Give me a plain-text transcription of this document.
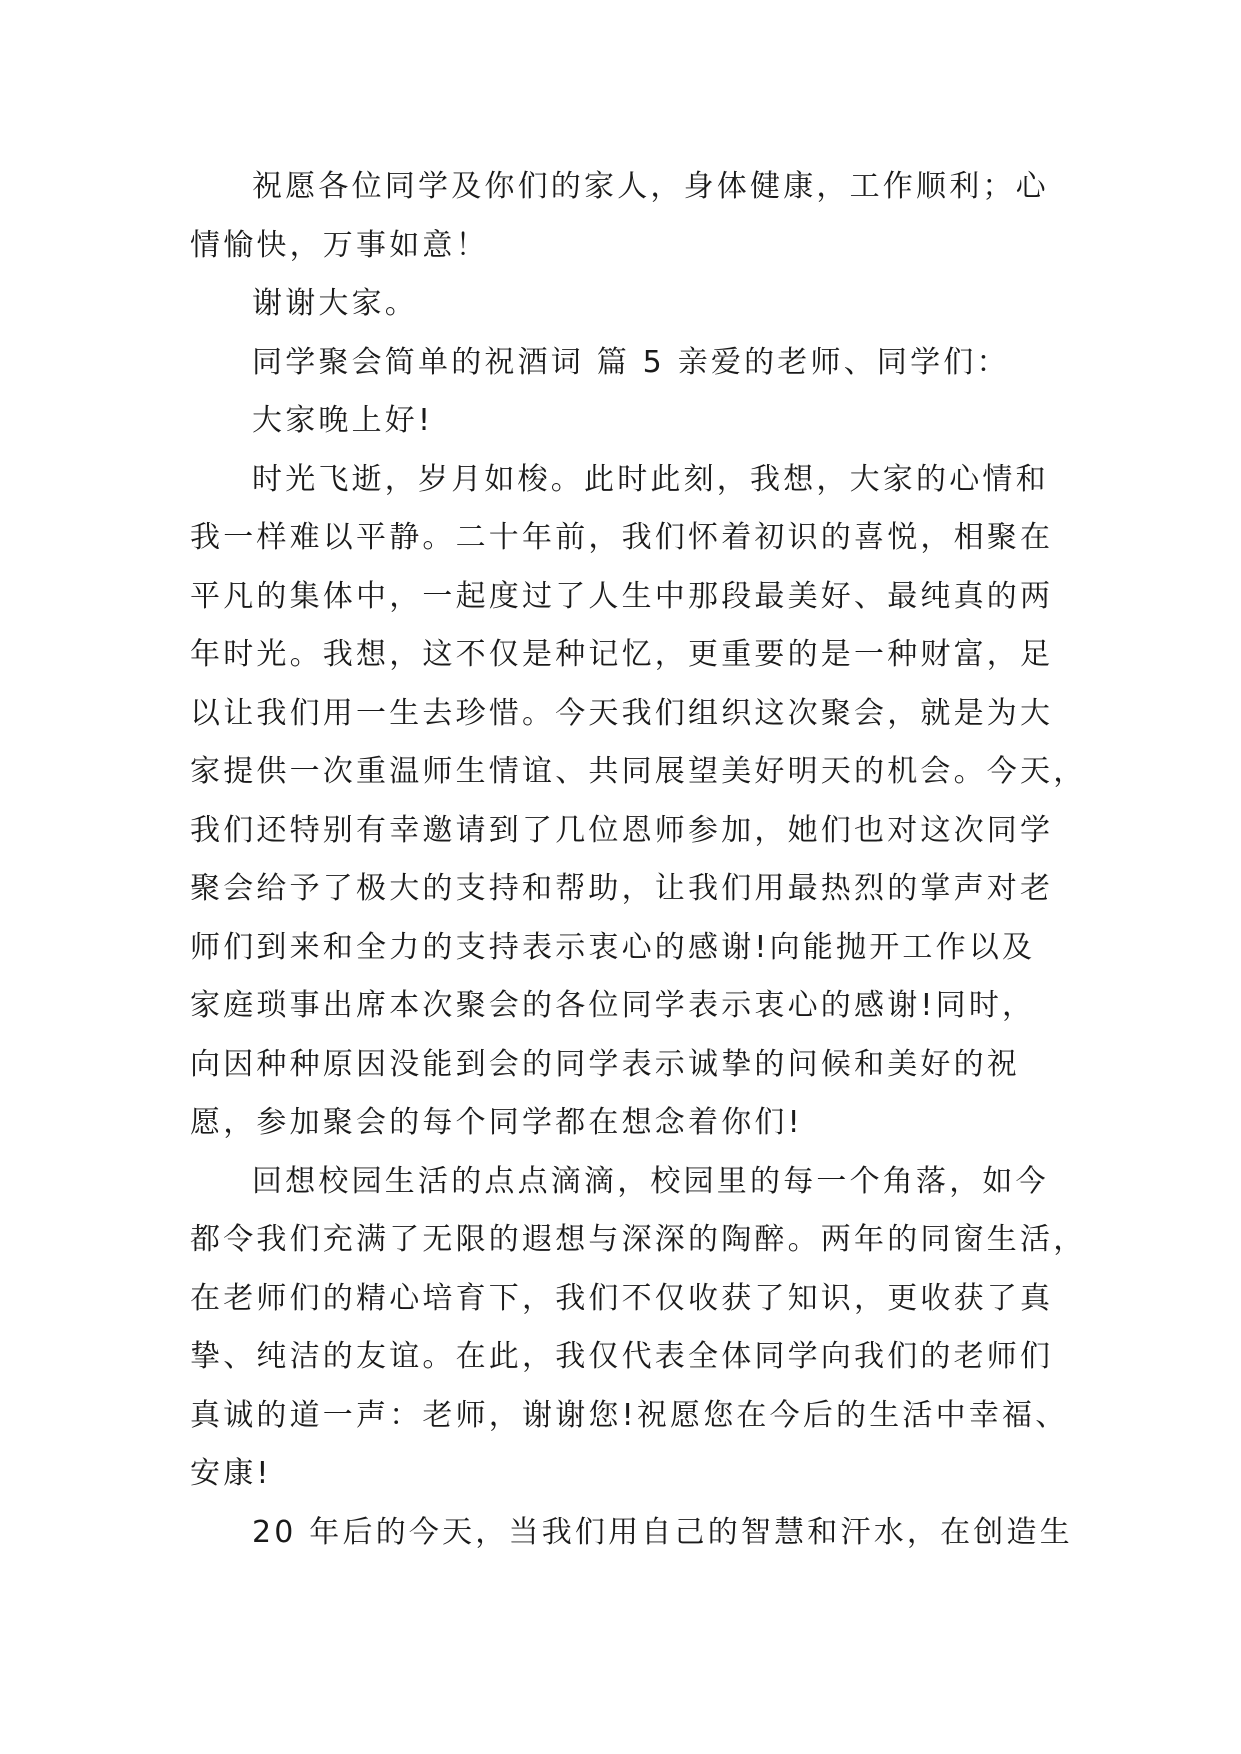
祝愿各位同学及你们的家人，身体健康，工作顺利；心
情愉快，万事如意！
谢谢大家。
同学聚会简单的祝酒词 篇 5 亲爱的老师、同学们：
大家晚上好!
时光飞逝，岁月如梭。此时此刻，我想，大家的心情和
我一样难以平静。二十年前，我们怀着初识的喜悦，相聚在
平凡的集体中，一起度过了人生中那段最美好、最纯真的两
年时光。我想，这不仅是种记忆，更重要的是一种财富，足
以让我们用一生去珍惜。今天我们组织这次聚会，就是为大
家提供一次重温师生情谊、共同展望美好明天的机会。今天，
我们还特别有幸邀请到了几位恩师参加，她们也对这次同学
聚会给予了极大的支持和帮助，让我们用最热烈的掌声对老
师们到来和全力的支持表示衷心的感谢!向能抛开工作以及
家庭琐事出席本次聚会的各位同学表示衷心的感谢!同时，
向因种种原因没能到会的同学表示诚挚的问候和美好的祝
愿，参加聚会的每个同学都在想念着你们!
回想校园生活的点点滴滴，校园里的每一个角落，如今
都令我们充满了无限的遐想与深深的陶醉。两年的同窗生活，
在老师们的精心培育下，我们不仅收获了知识，更收获了真
挚、纯洁的友谊。在此，我仅代表全体同学向我们的老师们
真诚的道一声：老师，谢谢您!祝愿您在今后的生活中幸福、
安康!
20 年后的今天，当我们用自己的智慧和汗水，在创造生
